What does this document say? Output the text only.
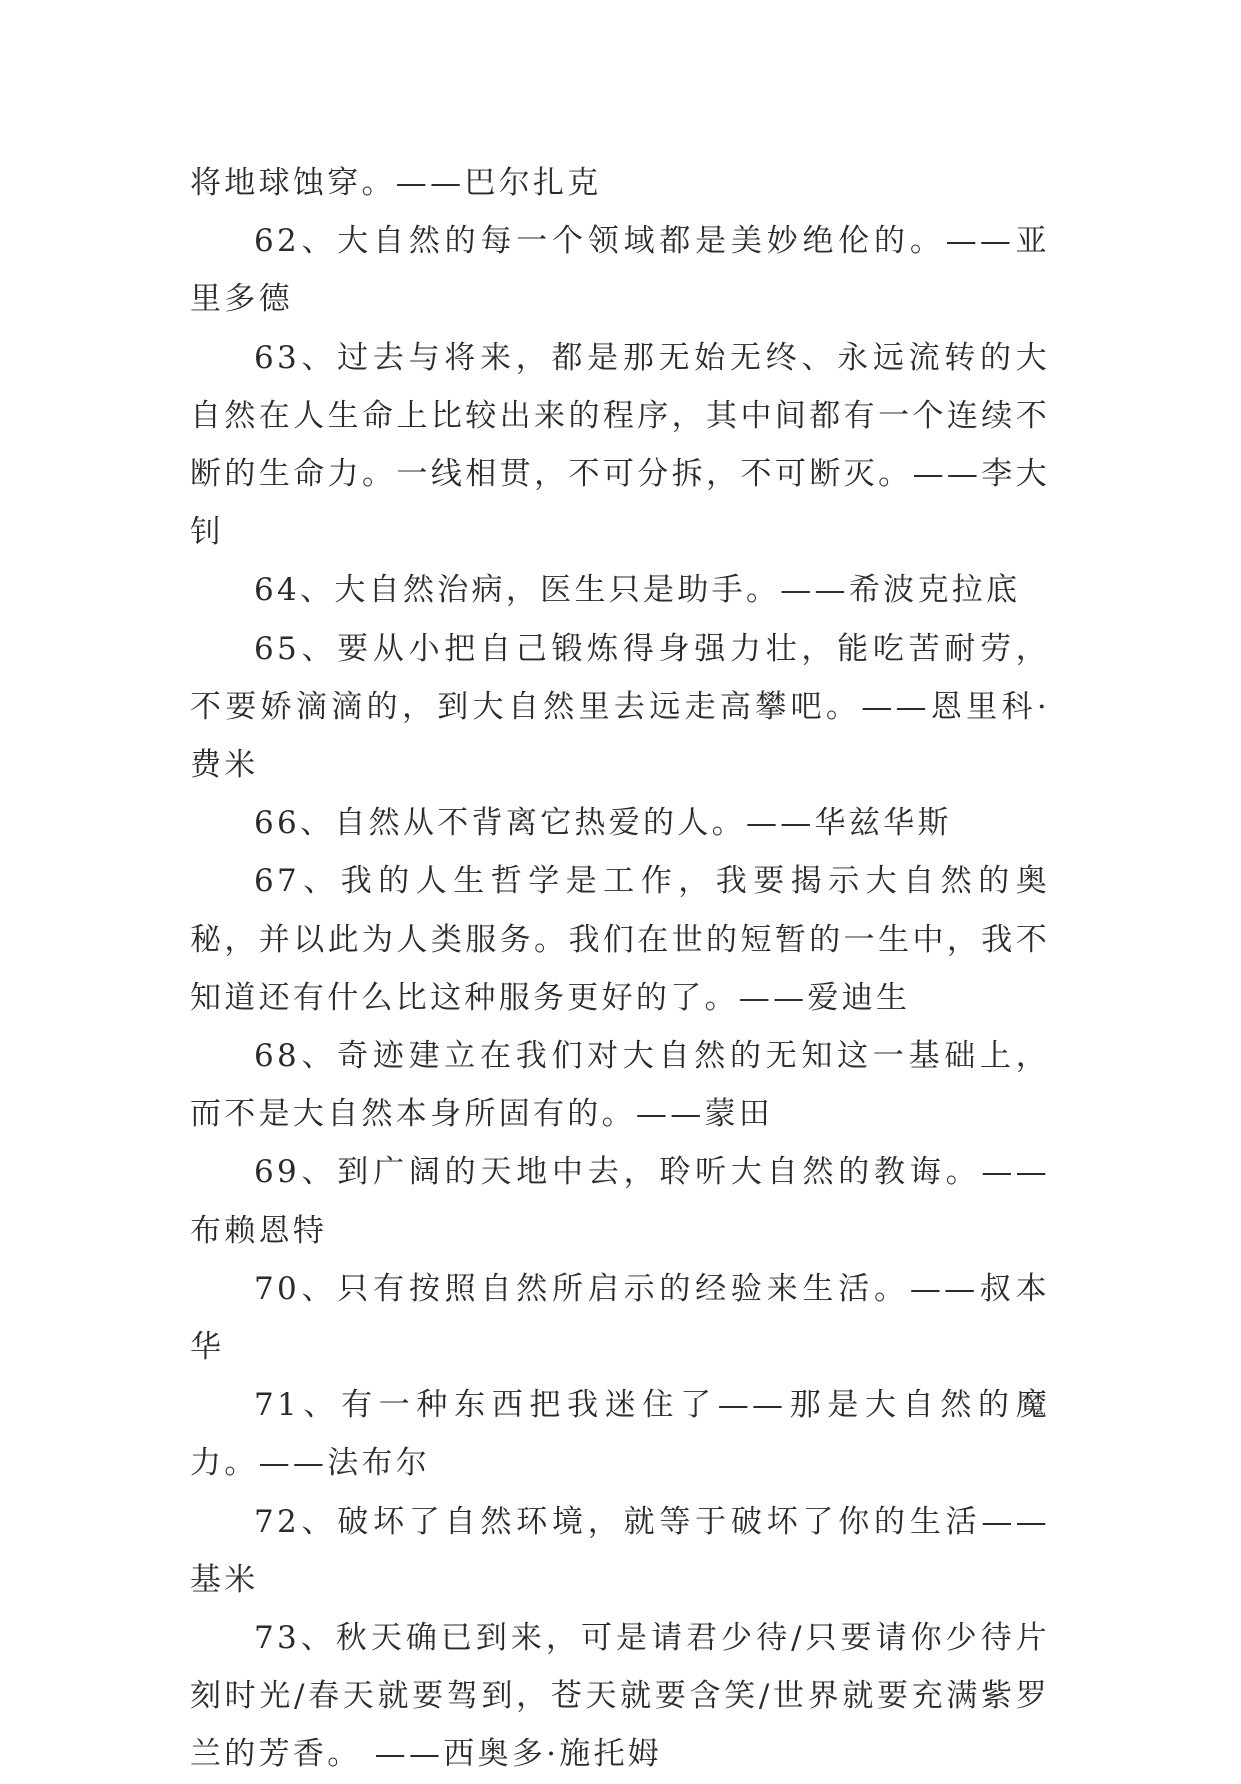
将地球蚀穿。——巴尔扎克

62、大自然的每一个领域都是美妙绝伦的。——亚里多德

63、过去与将来，都是那无始无终、永远流转的大自然在人生命上比较出来的程序，其中间都有一个连续不断的生命力。一线相贯，不可分拆，不可断灭。——李大钊

64、大自然治病，医生只是助手。——希波克拉底

65、要从小把自己锻炼得身强力壮，能吃苦耐劳，不要娇滴滴的，到大自然里去远走高攀吧。——恩里科·费米

66、自然从不背离它热爱的人。——华兹华斯

67、我的人生哲学是工作，我要揭示大自然的奥秘，并以此为人类服务。我们在世的短暂的一生中，我不知道还有什么比这种服务更好的了。——爱迪生

68、奇迹建立在我们对大自然的无知这一基础上，而不是大自然本身所固有的。——蒙田

69、到广阔的天地中去，聆听大自然的教诲。——布赖恩特

70、只有按照自然所启示的经验来生活。——叔本华

71、有一种东西把我迷住了——那是大自然的魔力。——法布尔

72、破坏了自然环境，就等于破坏了你的生活——基米

73、秋天确已到来，可是请君少待/只要请你少待片刻时光/春天就要驾到，苍天就要含笑/世界就要充满紫罗兰的芳香。 ——西奥多·施托姆
